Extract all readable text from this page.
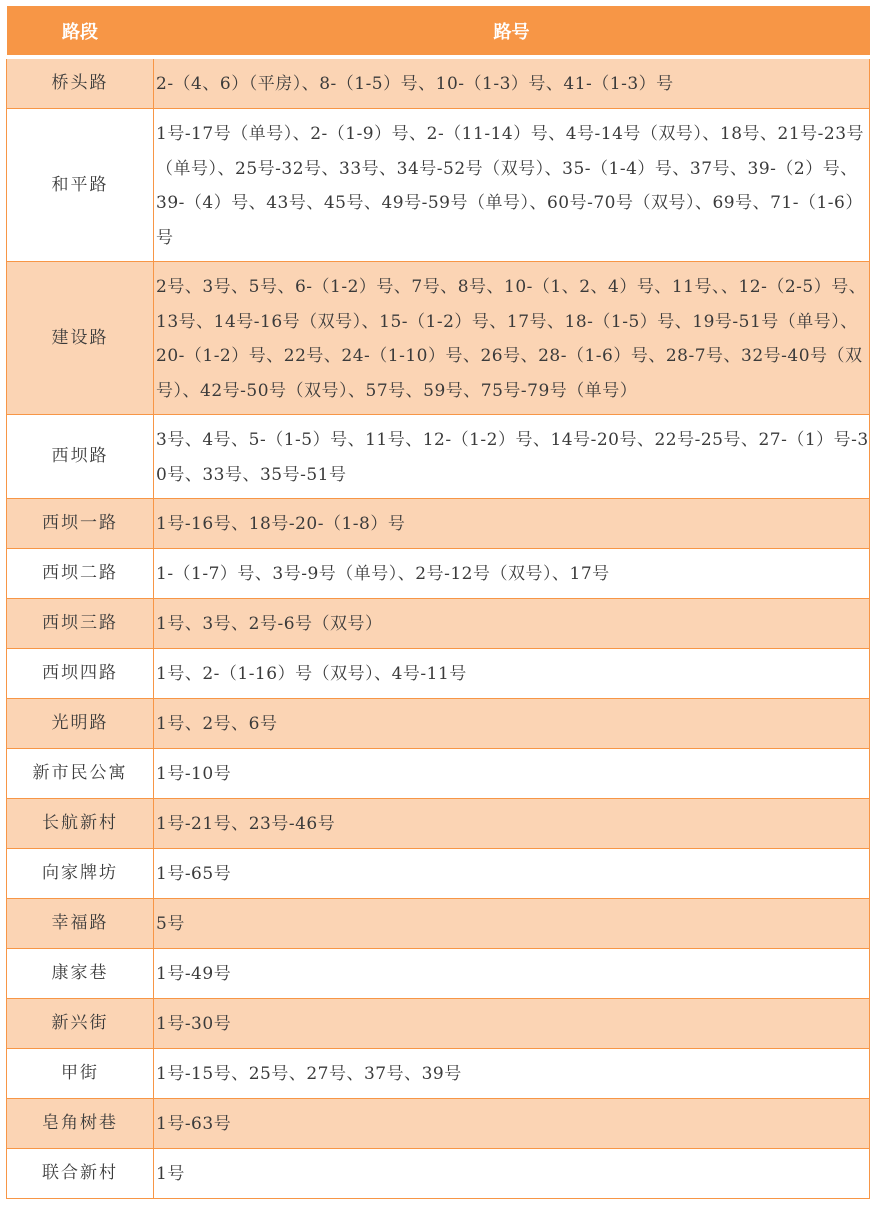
路段	路号
桥头路	2-（4、6）（平房）、8-（1-5）号、10-（1-3）号、41-（1-3）号
和平路	1号-17号（单号）、2-（1-9）号、2-（11-14）号、4号-14号（双号）、18号、21号-23号（单号）、25号-32号、33号、34号-52号（双号）、35-（1-4）号、37号、39-（2）号、39-（4）号、43号、45号、49号-59号（单号）、60号-70号（双号）、69号、71-（1-6）号
建设路	2号、3号、5号、6-（1-2）号、7号、8号、10-（1、2、4）号、11号、、12-（2-5）号、13号、14号-16号（双号）、15-（1-2）号、17号、18-（1-5）号、19号-51号（单号）、20-（1-2）号、22号、24-（1-10）号、26号、28-（1-6）号、28-7号、32号-40号（双号）、42号-50号（双号）、57号、59号、75号-79号（单号）
西坝路	3号、4号、5-（1-5）号、11号、12-（1-2）号、14号-20号、22号-25号、27-（1）号-30号、33号、35号-51号
西坝一路	1号-16号、18号-20-（1-8）号
西坝二路	1-（1-7）号、3号-9号（单号）、2号-12号（双号）、17号
西坝三路	1号、3号、2号-6号（双号）
西坝四路	1号、2-（1-16）号（双号）、4号-11号
光明路	1号、2号、6号
新市民公寓	1号-10号
长航新村	1号-21号、23号-46号
向家牌坊	1号-65号
幸福路	5号
康家巷	1号-49号
新兴街	1号-30号
甲街	1号-15号、25号、27号、37号、39号
皂角树巷	1号-63号
联合新村	1号
